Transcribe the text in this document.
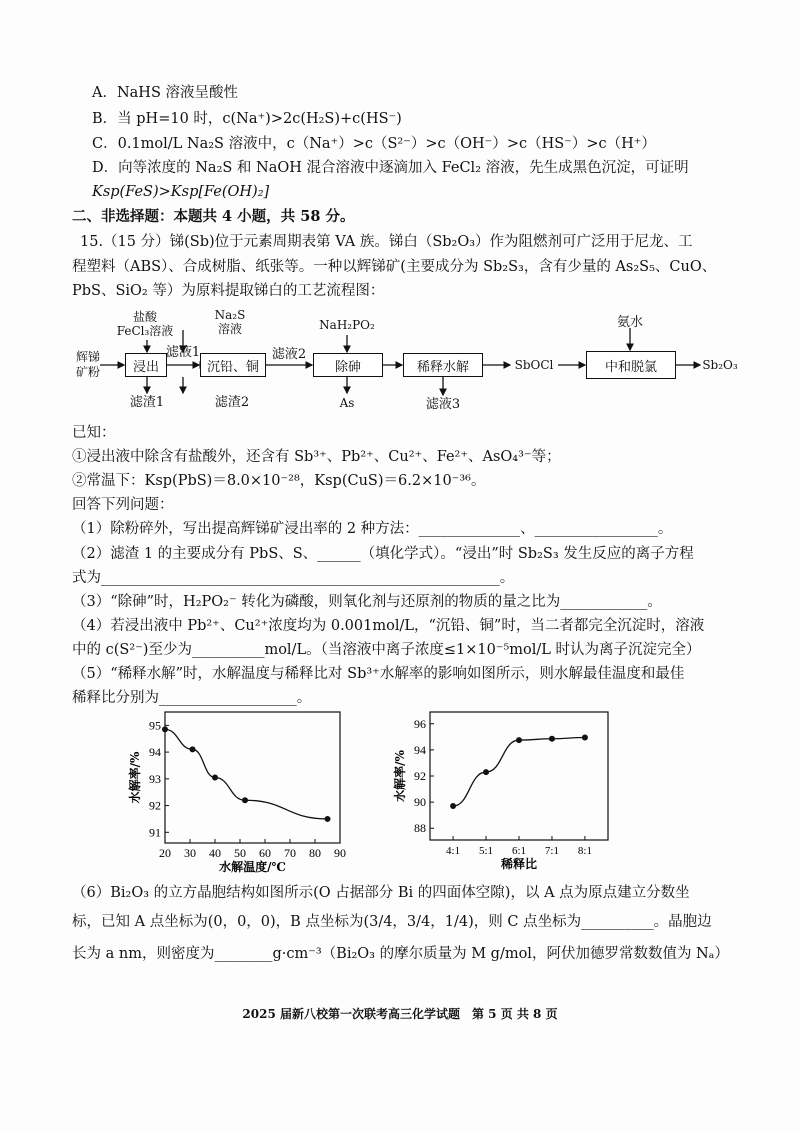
A．NaHS 溶液呈酸性
B．当 pH=10 时，c(Na⁺)>2c(H₂S)+c(HS⁻)
C．0.1mol/L Na₂S 溶液中，c（Na⁺）>c（S²⁻）>c（OH⁻）>c（HS⁻）>c（H⁺）
D．向等浓度的 Na₂S 和 NaOH 混合溶液中逐滴加入 FeCl₂ 溶液，先生成黑色沉淀，可证明
Ksp(FeS)>Ksp[Fe(OH)₂]
二、非选择题：本题共 4 小题，共 58 分。
15.（15 分）锑(Sb)位于元素周期表第 VA 族。锑白（Sb₂O₃）作为阻燃剂可广泛用于尼龙、工
程塑料（ABS）、合成树脂、纸张等。一种以辉锑矿(主要成分为 Sb₂S₃，含有少量的 As₂S₅、CuO、
PbS、SiO₂ 等）为原料提取锑白的工艺流程图：
辉锑
矿粉
盐酸
FeCl₃溶液
浸出
滤液1
滤渣1
Na₂S
溶液
沉铅、铜
滤液2
滤渣2
NaH₂PO₂
除砷
As
稀释水解
滤液3
SbOCl
氨水
中和脱氯	Sb₂O₃
已知：
①浸出液中除含有盐酸外，还含有 Sb³⁺、Pb²⁺、Cu²⁺、Fe²⁺、AsO₄³⁻等；
②常温下：Ksp(PbS)＝8.0×10⁻²⁸，Ksp(CuS)＝6.2×10⁻³⁶。
回答下列问题：
（1）除粉碎外，写出提高辉锑矿浸出率的 2 种方法：______________、_________________。
（2）滤渣 1 的主要成分有 PbS、S、______（填化学式）。“浸出”时 Sb₂S₃ 发生反应的离子方程
式为_______________________________________________________。
（3）“除砷”时，H₂PO₂⁻ 转化为磷酸，则氧化剂与还原剂的物质的量之比为____________。
（4）若浸出液中 Pb²⁺、Cu²⁺浓度均为 0.001mol/L，“沉铅、铜”时，当二者都完全沉淀时，溶液
中的 c(S²⁻)至少为__________mol/L。（当溶液中离子浓度≤1×10⁻⁵mol/L 时认为离子沉淀完全）
（5）“稀释水解”时，水解温度与稀释比对 Sb³⁺水解率的影响如图所示，则水解最佳温度和最佳
稀释比分别为___________________。
91
92
93
94
95
20 30 40 50 60 70 80 90
水解温度/℃
水解率/%
88
90
92
94
96
4:1 5:1 6:1 7:1 8:1
稀释比
水解率/%
（6）Bi₂O₃ 的立方晶胞结构如图所示(O 占据部分 Bi 的四面体空隙)，以 A 点为原点建立分数坐
标，已知 A 点坐标为(0，0，0)，B 点坐标为(3/4，3/4，1/4)，则 C 点坐标为__________。晶胞边
长为 a nm，则密度为________g·cm⁻³（Bi₂O₃ 的摩尔质量为 M g/mol，阿伏加德罗常数数值为 Nₐ）
2025 届新八校第一次联考高三化学试题　第 5 页 共 8 页
